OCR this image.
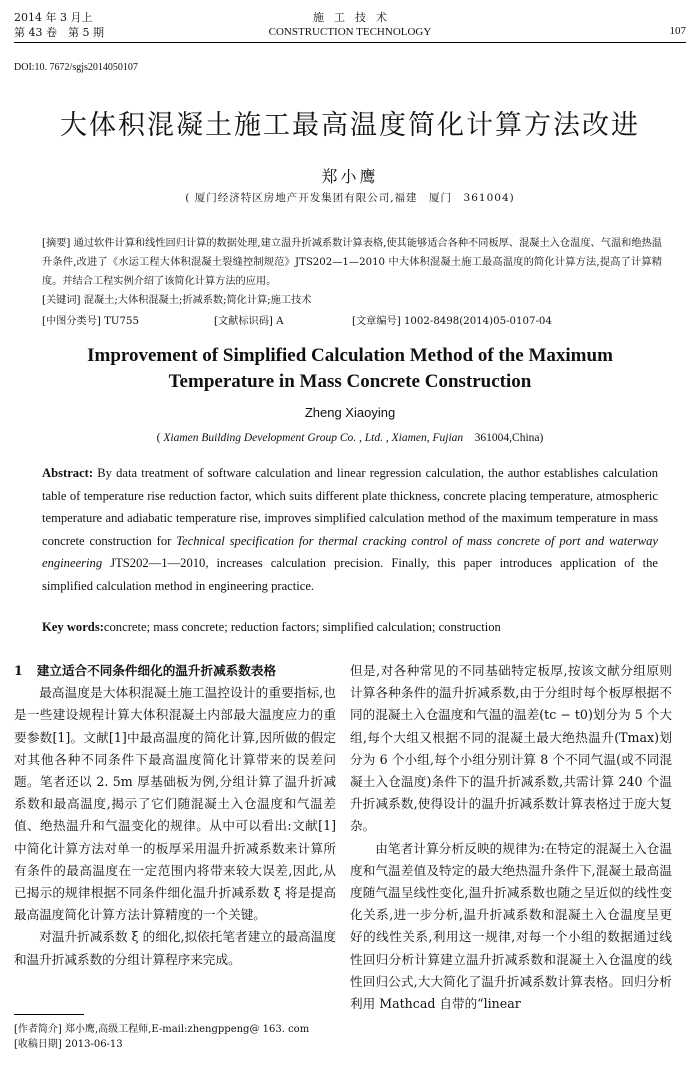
2014 年 3 月上
第 43 卷　第 5 期
施工技术
CONSTRUCTION TECHNOLOGY	107
DOI:10. 7672/sgjs2014050107
大体积混凝土施工最高温度简化计算方法改进
郑小鹰
( 厦门经济特区房地产开发集团有限公司,福建　厦门　361004)
[摘要] 通过软件计算和线性回归计算的数据处理,建立温升折减系数计算表格,使其能够适合各种不同板厚、混凝土入仓温度、气温和绝热温升条件,改进了《水运工程大体积混凝土裂缝控制规范》JTS202—1—2010 中大体积混凝土施工最高温度的简化计算方法,提高了计算精度。并结合工程实例介绍了该简化计算方法的应用。
[关键词] 混凝土;大体积混凝土;折减系数;简化计算;施工技术
[中图分类号] TU755	[文献标识码] A	[文章编号] 1002-8498(2014)05-0107-04
Improvement of Simplified Calculation Method of the Maximum
Temperature in Mass Concrete Construction
Zheng Xiaoying
( Xiamen Building Development Group Co. , Ltd. , Xiamen, Fujian　 361004,China)
Abstract: By data treatment of software calculation and linear regression calculation, the author establishes calculation table of temperature rise reduction factor, which suits different plate thickness, concrete placing temperature, atmospheric temperature and adiabatic temperature rise, improves simplified calculation method of the maximum temperature in mass concrete construction for Technical specification for thermal cracking control of mass concrete of port and waterway engineering JTS202—1—2010, increases calculation precision. Finally, this paper introduces application of the simplified calculation method in engineering practice.
Key words:concrete; mass concrete; reduction factors; simplified calculation; construction

1 建立适合不同条件细化的温升折减系数表格

最高温度是大体积混凝土施工温控设计的重要指标,也是一些建设规程计算大体积混凝土内部最大温度应力的重要参数[1]。文献[1]中最高温度的简化计算,因所做的假定对其他各种不同条件下最高温度简化计算带来的误差问题。笔者还以 2. 5m 厚基础板为例,分组计算了温升折减系数和最高温度,揭示了它们随混凝土入仓温度和气温差值、绝热温升和气温变化的规律。从中可以看出:文献[1]中简化计算方法对单一的板厚采用温升折减系数来计算所有条件的最高温度在一定范围内将带来较大误差,因此,从已揭示的规律根据不同条件细化温升折减系数 ξ 将是提高最高温度简化计算方法计算精度的一个关键。

对温升折减系数 ξ 的细化,拟依托笔者建立的最高温度和温升折减系数的分组计算程序来完成。

但是,对各种常见的不同基础特定板厚,按该文献分组原则计算各种条件的温升折减系数,由于分组时每个板厚根据不同的混凝土入仓温度和气温的温差(tc − t0)划分为 5 个大组,每个大组又根据不同的混凝土最大绝热温升(Tmax)划分为 6 个小组,每个小组分别计算 8 个不同气温(或不同混凝土入仓温度)条件下的温升折减系数,共需计算 240 个温升折减系数,使得设计的温升折减系数计算表格过于庞大复杂。

由笔者计算分析反映的规律为:在特定的混凝土入仓温度和气温差值及特定的最大绝热温升条件下,混凝土最高温度随气温呈线性变化,温升折减系数也随之呈近似的线性变化关系,进一步分析,温升折减系数和混凝土入仓温度呈更好的线性关系,利用这一规律,对每一个小组的数据通过线性回归分析计算建立温升折减系数和混凝土入仓温度的线性回归公式,大大简化了温升折减系数计算表格。回归分析利用 Mathcad 自带的“linear

[作者简介] 郑小鹰,高级工程师,E-mail:zhengppeng@ 163. com
[收稿日期] 2013-06-13
